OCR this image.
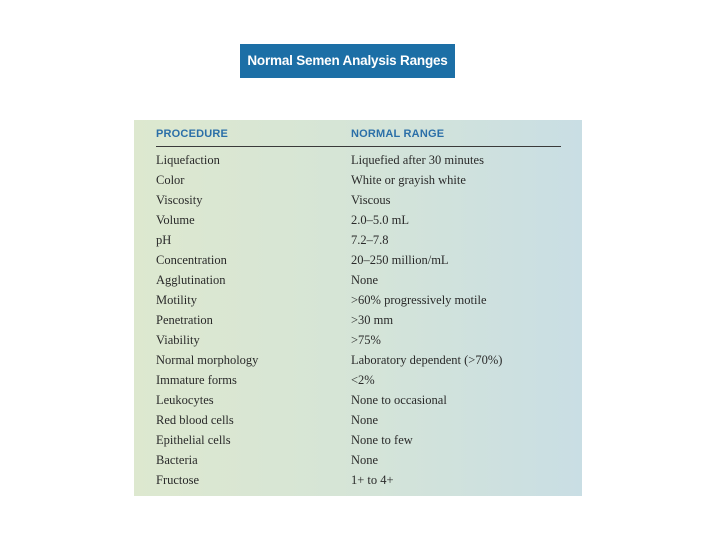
Normal Semen Analysis Ranges
PROCEDURE	NORMAL RANGE
Liquefaction	Liquefied after 30 minutes
Color	White or grayish white
Viscosity	Viscous
Volume	2.0–5.0 mL
pH	7.2–7.8
Concentration	20–250 million/mL
Agglutination	None
Motility	>60% progressively motile
Penetration	>30 mm
Viability	>75%
Normal morphology	Laboratory dependent (>70%)
Immature forms	<2%
Leukocytes	None to occasional
Red blood cells	None
Epithelial cells	None to few
Bacteria	None
Fructose	1+ to 4+
